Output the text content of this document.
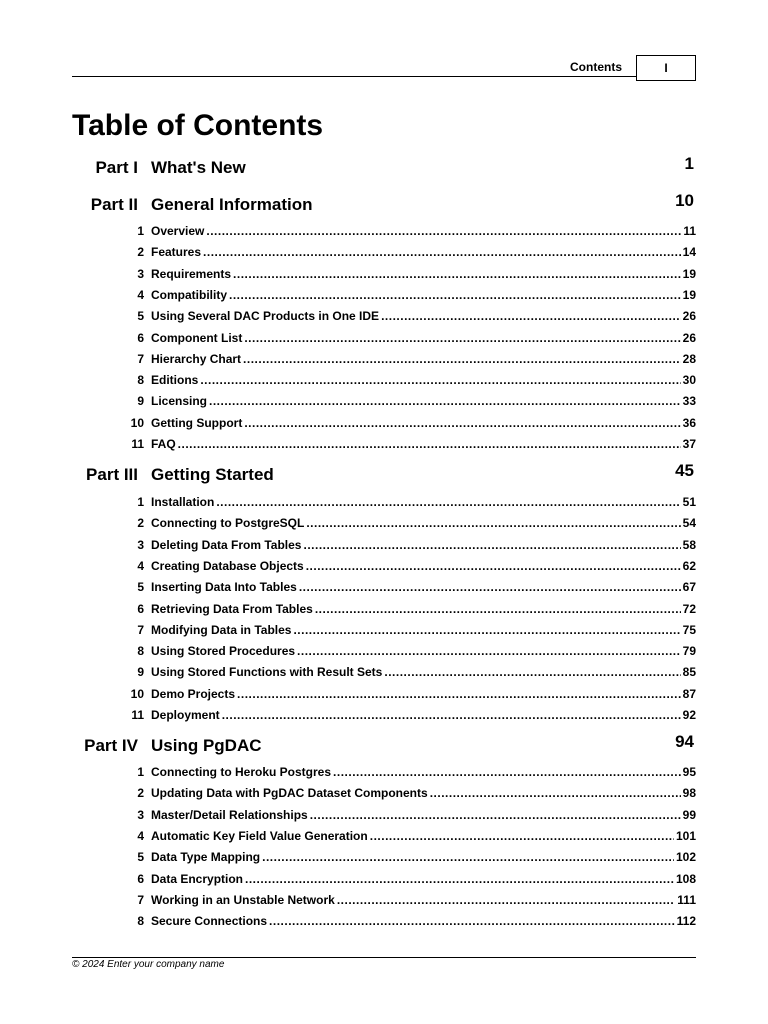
Contents	I
Table of Contents
Part I What's New	1
Part II General Information	10
1 Overview .....	11
2 Features .....	14
3 Requirements .....	19
4 Compatibility .....	19
5 Using Several DAC Products in One IDE .....	26
6 Component List .....	26
7 Hierarchy Chart .....	28
8 Editions .....	30
9 Licensing .....	33
10 Getting Support .....	36
11 FAQ .....	37
Part III Getting Started	45
1 Installation .....	51
2 Connecting to PostgreSQL .....	54
3 Deleting Data From Tables .....	58
4 Creating Database Objects .....	62
5 Inserting Data Into Tables .....	67
6 Retrieving Data From Tables .....	72
7 Modifying Data in Tables .....	75
8 Using Stored Procedures .....	79
9 Using Stored Functions with Result Sets .....	85
10 Demo Projects .....	87
11 Deployment .....	92
Part IV Using PgDAC	94
1 Connecting to Heroku Postgres .....	95
2 Updating Data with PgDAC Dataset Components .....	98
3 Master/Detail Relationships .....	99
4 Automatic Key Field Value Generation .....	101
5 Data Type Mapping .....	102
6 Data Encryption .....	108
7 Working in an Unstable Network .....	111
8 Secure Connections .....	112
© 2024 Enter your company name
